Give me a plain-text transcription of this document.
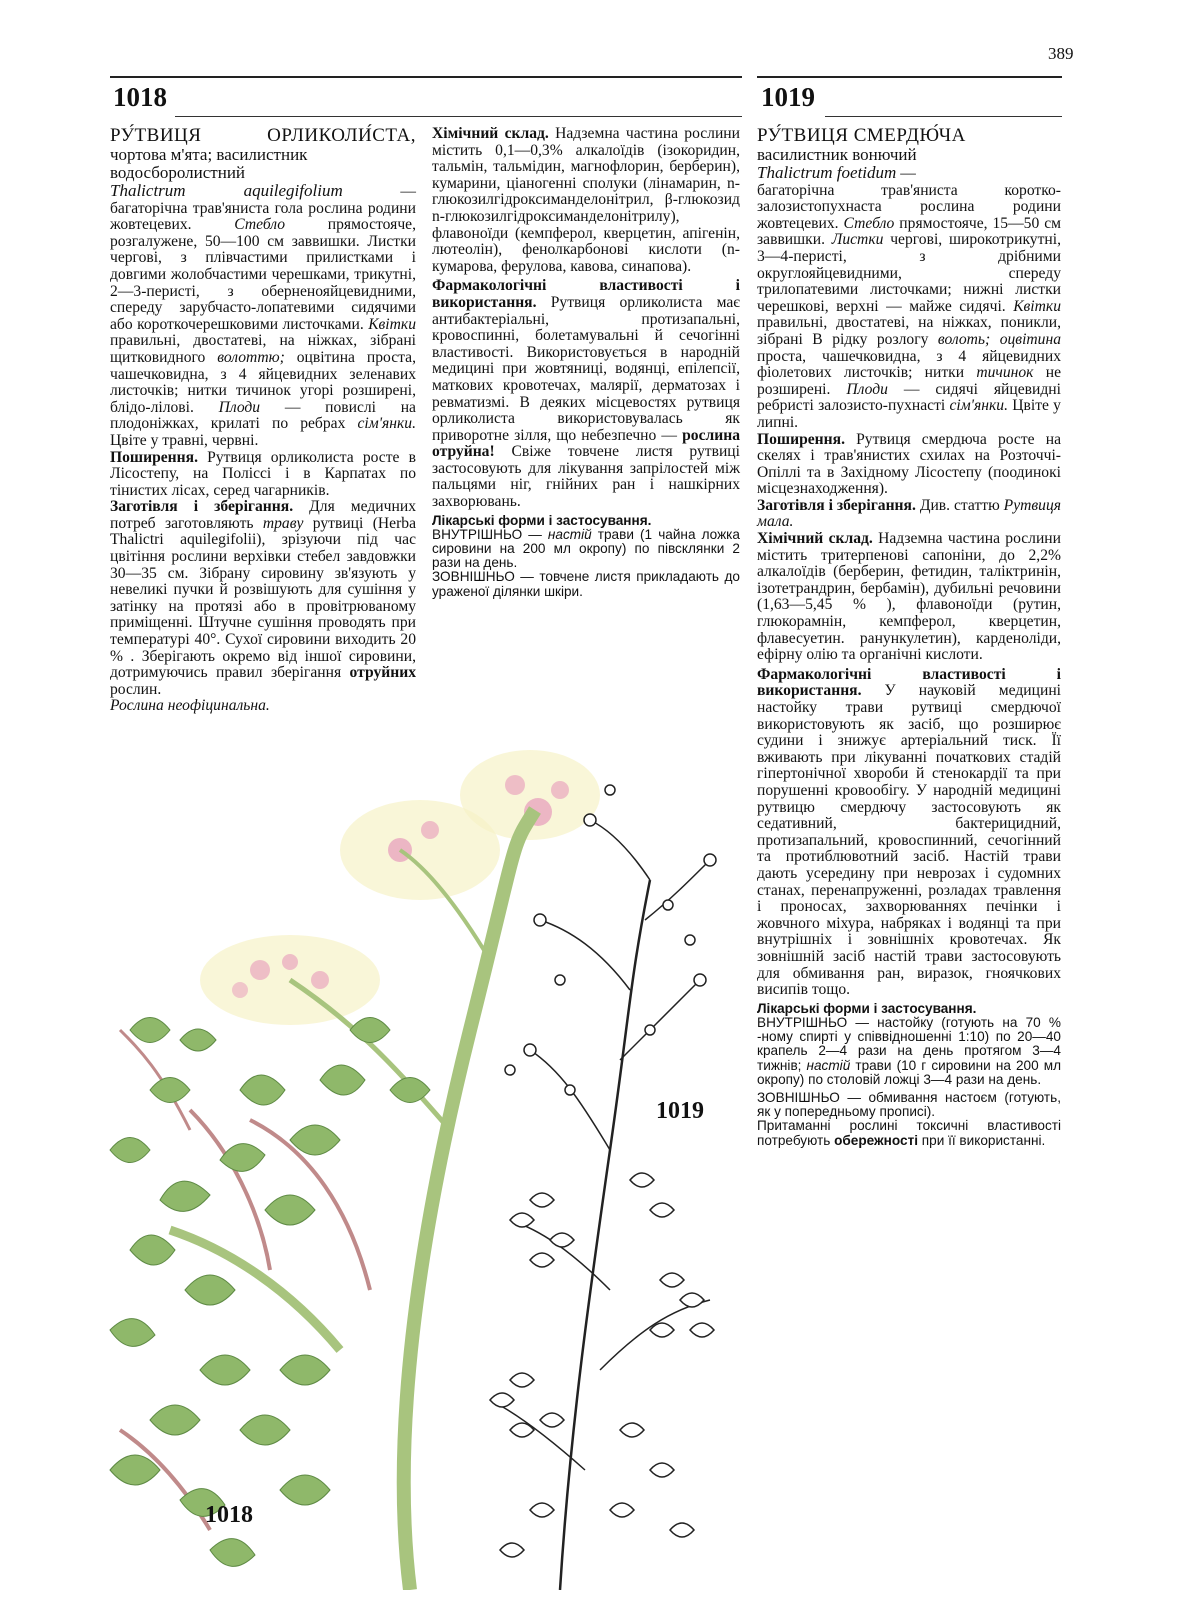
389
1018	1019

РУ́ТВИЦЯ ОРЛИКОЛИ́СТА,

чортова м'ята; василистник водосборолистний

Thalictrum aquilegifolium —

багаторічна трав'яниста гола рослина родини жовтецевих. Стебло прямостояче, розгалужене, 50—100 см заввишки. Листки чергові, з плівчастими прилистками і довгими жолобчастими черешками, трикутні, 2—3-перисті, з оберненояйцевидними, спереду зарубчасто-лопатевими сидячими або короткочерешковими листочками. Квітки правильні, двостатеві, на ніжках, зібрані щитковидного волоттю; оцвітина проста, чашечковидна, з 4 яйцевидних зеленавих листочків; нитки тичинок угорі розширені, блідо-лілові. Плоди — повислі на плодоніжках, крилаті по ребрах сім'янки. Цвіте у травні, червні.

Поширення. Рутвиця орликолиста росте в Лісостепу, на Поліссі і в Карпатах по тінистих лісах, серед чагарників.

Заготівля і зберігання. Для медичних потреб заготовляють траву рутвиці (Herba Thalictri aquilegifolii), зрізуючи під час цвітіння рослини верхівки стебел завдовжки 30—35 см. Зібрану сировину зв'язують у невеликі пучки й розвішують для сушіння у затінку на протязі або в провітрюваному приміщенні. Штучне сушіння проводять при температурі 40°. Сухої сировини виходить 20 % . Зберігають окремо від іншої сировини, дотримуючись правил зберігання отруйних рослин.

Рослина неофіцинальна.

Хімічний склад. Надземна частина рослини містить 0,1—0,3% алкалоїдів (ізокоридин, тальмін, тальмідин, магнофлорин, берберин), кумарини, ціаногенні сполуки (лінамарин, n-глюкозилгідроксиманделонітрил, β-глюкозид n-глюкозилгідроксиманделонітрилу), флавоноїди (кемпферол, кверцетин, апігенін, лютеолін), фенолкарбонові кислоти (n-кумарова, ферулова, кавова, синапова).

Фармакологічні властивості і використання. Рутвиця орликолиста має антибактеріальні, протизапальні, кровоспинні, болетамувальні й сечогінні властивості. Використовується в народній медицині при жовтяниці, водянці, епілепсії, маткових кровотечах, малярії, дерматозах і ревматизмі. В деяких місцевостях рутвиця орликолиста використовувалась як приворотне зілля, що небезпечно — рослина отруйна! Свіже товчене листя рутвиці застосовують для лікування запрілостей між пальцями ніг, гнійних ран і нашкірних захворювань.

Лікарські форми і застосування.

ВНУТРІШНЬО — настій трави (1 чайна ложка сировини на 200 мл окропу) по півсклянки 2 рази на день.

ЗОВНІШНЬО — товчене листя прикладають до ураженої ділянки шкіри.

РУ́ТВИЦЯ СМЕРДЮ́ЧА

василистник вонючий

Thalictrum foetidum —

багаторічна трав'яниста коротко-залозистопухнаста рослина родини жовтецевих. Стебло прямостояче, 15—50 см заввишки. Листки чергові, широкотрикутні, 3—4-перисті, з дрібними округлояйцевидними, спереду трилопатевими листочками; нижні листки черешкові, верхні — майже сидячі. Квітки правильні, двостатеві, на ніжках, поникли, зібрані В рідку розлогу волоть; оцвітина проста, чашечковидна, з 4 яйцевидних фіолетових листочків; нитки тичинок не розширені. Плоди — сидячі яйцевидні ребристі залозисто-пухнасті сім'янки. Цвіте у липні.

Поширення. Рутвиця смердюча росте на скелях і трав'янистих схилах на Розточчі-Опіллі та в Західному Лісостепу (поодинокі місцезнаходження).

Заготівля і зберігання. Див. статтю Рутвиця мала.

Хімічний склад. Надземна частина рослини містить тритерпенові сапоніни, до 2,2% алкалоїдів (берберин, фетидин, таліктринін, ізотетрандрин, бербамін), дубильні речовини (1,63—5,45 % ), флавоноїди (рутин, глюкорамнін, кемпферол, кверцетин, флавесуетин. ранункулетин), карденоліди, ефірну олію та органічні кислоти.

Фармакологічні властивості і використання. У науковій медицині настойку трави рутвиці смердючої використовують як засіб, що розширює судини і знижує артеріальний тиск. Її вживають при лікуванні початкових стадій гіпертонічної хвороби й стенокардії та при порушенні кровообігу. У народній медицині рутвицю смердючу застосовують як седативний, бактерицидний, протизапальний, кровоспинний, сечогінний та протиблювотний засіб. Настій трави дають усередину при неврозах і судомних станах, перенапруженні, розладах травлення і проносах, захворюваннях печінки і жовчного міхура, набряках і водянці та при внутрішніх і зовнішніх кровотечах. Як зовнішній засіб настій трави застосовують для обмивання ран, виразок, гноячкових висипів тощо.

Лікарські форми і застосування.

ВНУТРІШНЬО — настойку (готують на 70 % -ному спирті у співвідношенні 1:10) по 20—40 крапель 2—4 рази на день протягом 3—4 тижнів; настій трави (10 г сировини на 200 мл окропу) по столовій ложці 3—4 рази на день.

ЗОВНІШНЬО — обмивання настоєм (готують, як у попередньому прописі).

Притаманні рослині токсичні властивості потребують обережності при її використанні.

1019
1018
